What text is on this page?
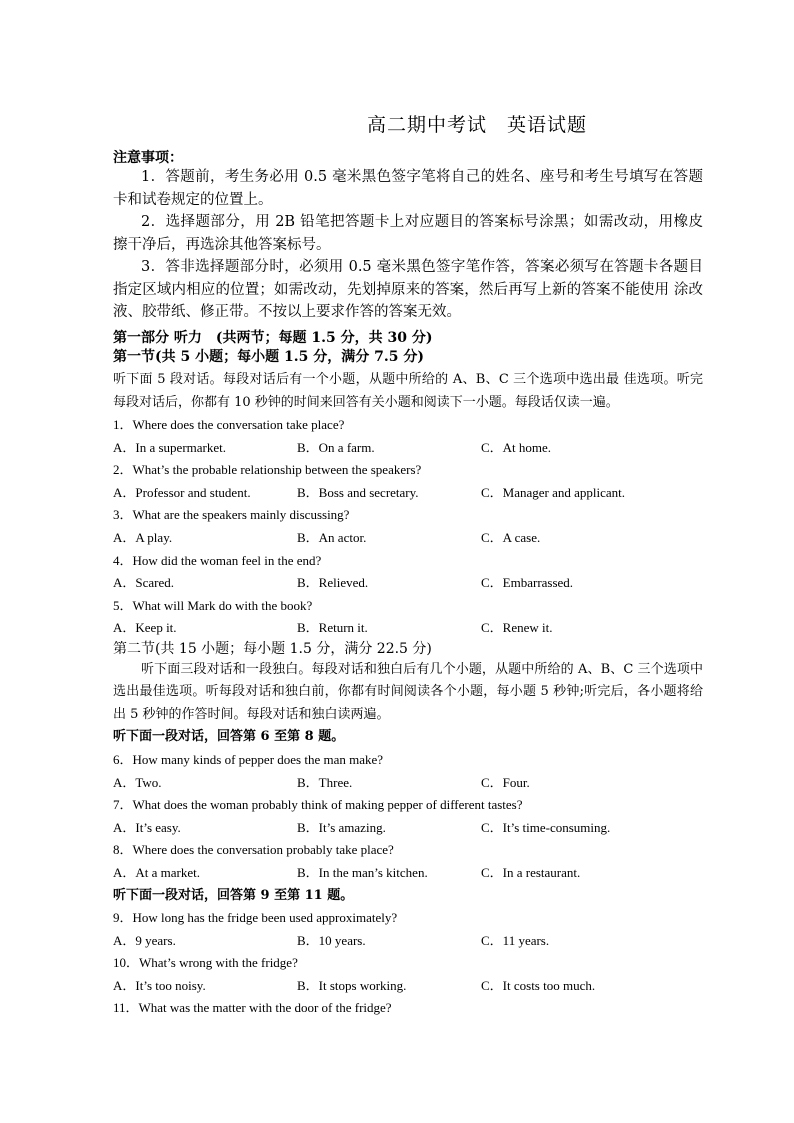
高二期中考试　英语试题
注意事项：
1．答题前，考生务必用 0.5 毫米黑色签字笔将自己的姓名、座号和考生号填写在答题 卡和试卷规定的位置上。
2．选择题部分，用 2B 铅笔把答题卡上对应题目的答案标号涂黑；如需改动，用橡皮 擦干净后，再选涂其他答案标号。
3．答非选择题部分时，必须用 0.5 毫米黑色签字笔作答，答案必须写在答题卡各题目 指定区域内相应的位置；如需改动，先划掉原来的答案，然后再写上新的答案不能使用 涂改液、胶带纸、修正带。不按以上要求作答的答案无效。
第一部分 听力　(共两节；每题 1.5 分，共 30 分)
第一节(共 5 小题；每小题 1.5 分，满分 7.5 分)
听下面 5 段对话。每段对话后有一个小题，从题中所给的 A、B、C 三个选项中选出最 佳选项。听完每段对话后，你都有 10 秒钟的时间来回答有关小题和阅读下一小题。每段话仅读一遍。
1．Where does the conversation take place?
A．In a supermarket.	B．On a farm.	C．At home.
2．What’s the probable relationship between the speakers?
A．Professor and student.	B．Boss and secretary.	C．Manager and applicant.
3．What are the speakers mainly discussing?
A．A play.	B．An actor.	C．A case.
4．How did the woman feel in the end?
A．Scared.	B．Relieved.	C．Embarrassed.
5．What will Mark do with the book?
A．Keep it.	B．Return it.	C．Renew it.
第二节(共 15 小题；每小题 1.5 分，满分 22.5 分)
听下面三段对话和一段独白。每段对话和独白后有几个小题，从题中所给的 A、B、C 三个选项中选出最佳选项。听每段对话和独白前，你都有时间阅读各个小题，每小题 5 秒钟;听完后，各小题将给出 5 秒钟的作答时间。每段对话和独白读两遍。
听下面一段对话，回答第 6 至第 8 题。
6．How many kinds of pepper does the man make?
A．Two.	B．Three.	C．Four.
7．What does the woman probably think of making pepper of different tastes?
A．It’s easy.	B．It’s amazing.	C．It’s time-consuming.
8．Where does the conversation probably take place?
A．At a market.	B．In the man’s kitchen.	C．In a restaurant.
听下面一段对话，回答第 9 至第 11 题。
9．How long has the fridge been used approximately?
A．9 years.	B．10 years.	C．11 years.
10．What’s wrong with the fridge?
A．It’s too noisy.	B．It stops working.	C．It costs too much.
11．What was the matter with the door of the fridge?
